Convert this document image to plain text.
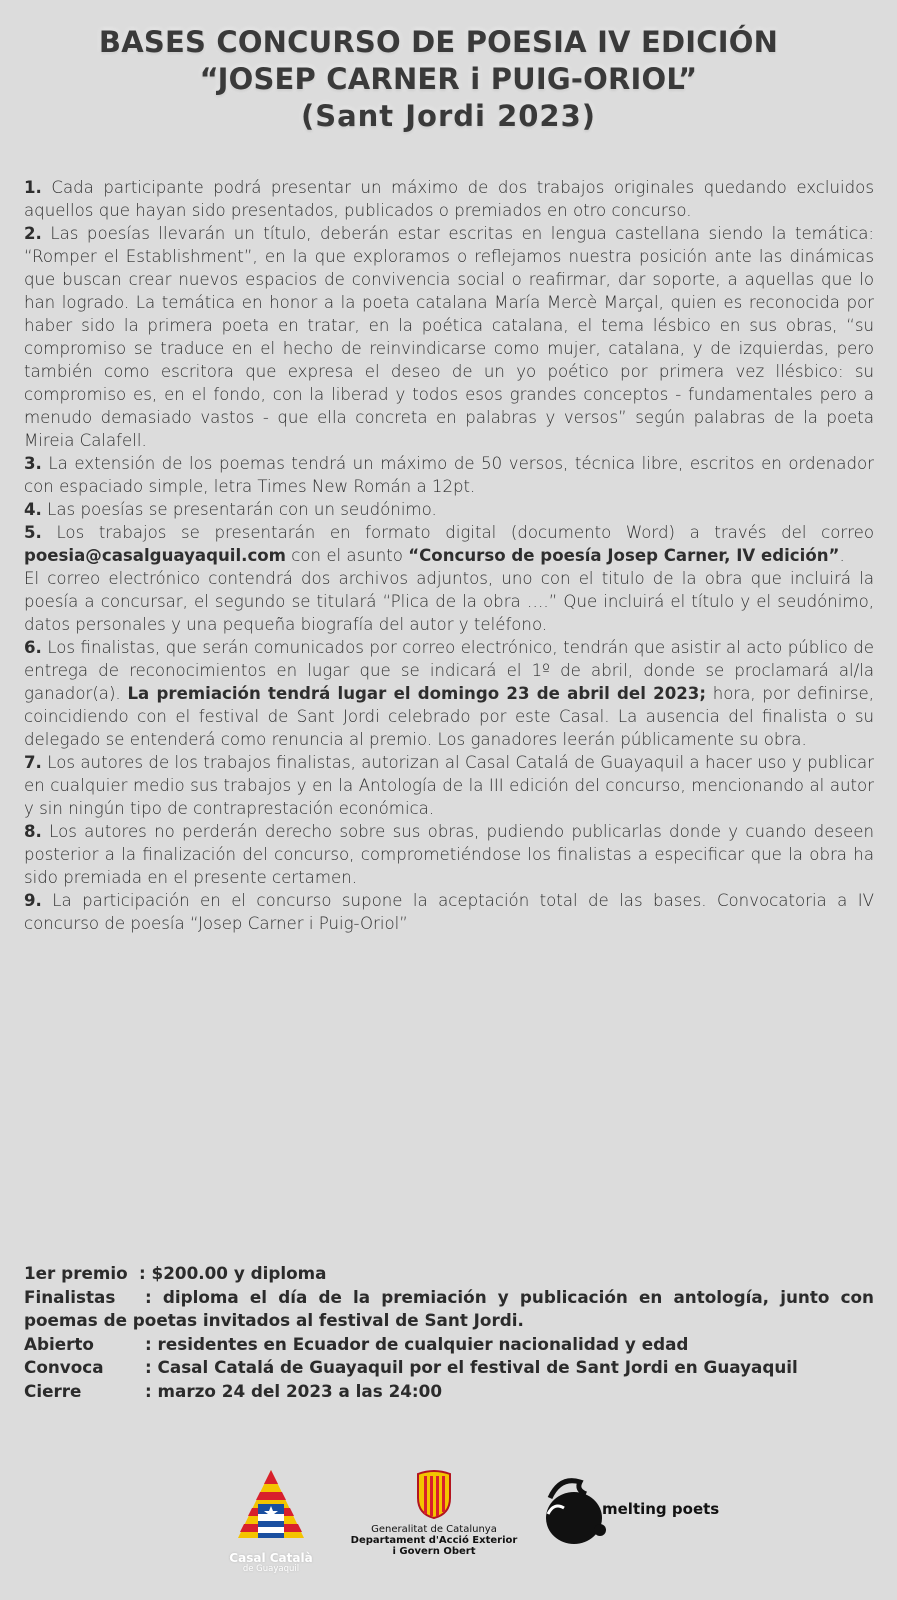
BASES CONCURSO DE POESIA IV EDICIÓN
“JOSEP CARNER i PUIG-ORIOL”
(Sant Jordi 2023)

1. Cada participante podrá presentar un máximo de dos trabajos originales quedando excluidos aquellos que hayan sido presentados, publicados o premiados en otro concurso.

2. Las poesías llevarán un título, deberán estar escritas en lengua castellana siendo la temática: “Romper el Establishment”, en la que exploramos o reflejamos nuestra posición ante las dinámicas que buscan crear nuevos espacios de convivencia social o reafirmar, dar soporte, a aquellas que lo han logrado. La temática en honor a la poeta catalana María Mercè Marçal, quien es reconocida por haber sido la primera poeta en tratar, en la poética catalana, el tema lésbico en sus obras, “su compromiso se traduce en el hecho de reinvindicarse como mujer, catalana, y de izquierdas, pero también como escritora que expresa el deseo de un yo poético por primera vez llésbico: su compromiso es, en el fondo, con la liberad y todos esos grandes conceptos - fundamentales pero a menudo demasiado vastos - que ella concreta en palabras y versos” según palabras de la poeta Mireia Calafell.

3. La extensión de los poemas tendrá un máximo de 50 versos, técnica libre, escritos en ordenador con espaciado simple, letra Times New Román a 12pt.

4. Las poesías se presentarán con un seudónimo.

5. Los trabajos se presentarán en formato digital (documento Word) a través del correo poesia@casalguayaquil.com con el asunto “Concurso de poesía Josep Carner, IV edición”.

El correo electrónico contendrá dos archivos adjuntos, uno con el titulo de la obra que incluirá la poesía a concursar, el segundo se titulará “Plica de la obra ….” Que incluirá el título y el seudónimo, datos personales y una pequeña biografía del autor y teléfono.

6. Los finalistas, que serán comunicados por correo electrónico, tendrán que asistir al acto público de entrega de reconocimientos en lugar que se indicará el 1º de abril, donde se proclamará al/la ganador(a). La premiación tendrá lugar el domingo 23 de abril del 2023; hora, por definirse, coincidiendo con el festival de Sant Jordi celebrado por este Casal. La ausencia del finalista o su delegado se entenderá como renuncia al premio. Los ganadores leerán públicamente su obra.

7. Los autores de los trabajos finalistas, autorizan al Casal Catalá de Guayaquil a hacer uso y publicar en cualquier medio sus trabajos y en la Antología de la III edición del concurso, mencionando al autor y sin ningún tipo de contraprestación económica.

8. Los autores no perderán derecho sobre sus obras, pudiendo publicarlas donde y cuando deseen posterior a la finalización del concurso, comprometiéndose los finalistas a especificar que la obra ha sido premiada en el presente certamen.

9. La participación en el concurso supone la aceptación total de las bases. Convocatoria a IV concurso de poesía “Josep Carner i Puig-Oriol”

1er premio : $200.00 y diploma

Finalistas : diploma el día de la premiación y publicación en antología, junto con poemas de poetas invitados al festival de Sant Jordi.

Abierto	: residentes en Ecuador de cualquier nacionalidad y edad

Convoca : Casal Catalá de Guayaquil por el festival de Sant Jordi en Guayaquil

Cierre	: marzo 24 del 2023 a las 24:00

Casal Català
de Guayaquil
Generalitat de Catalunya
Departament d'Acció Exterior
i Govern Obert
melting poets
